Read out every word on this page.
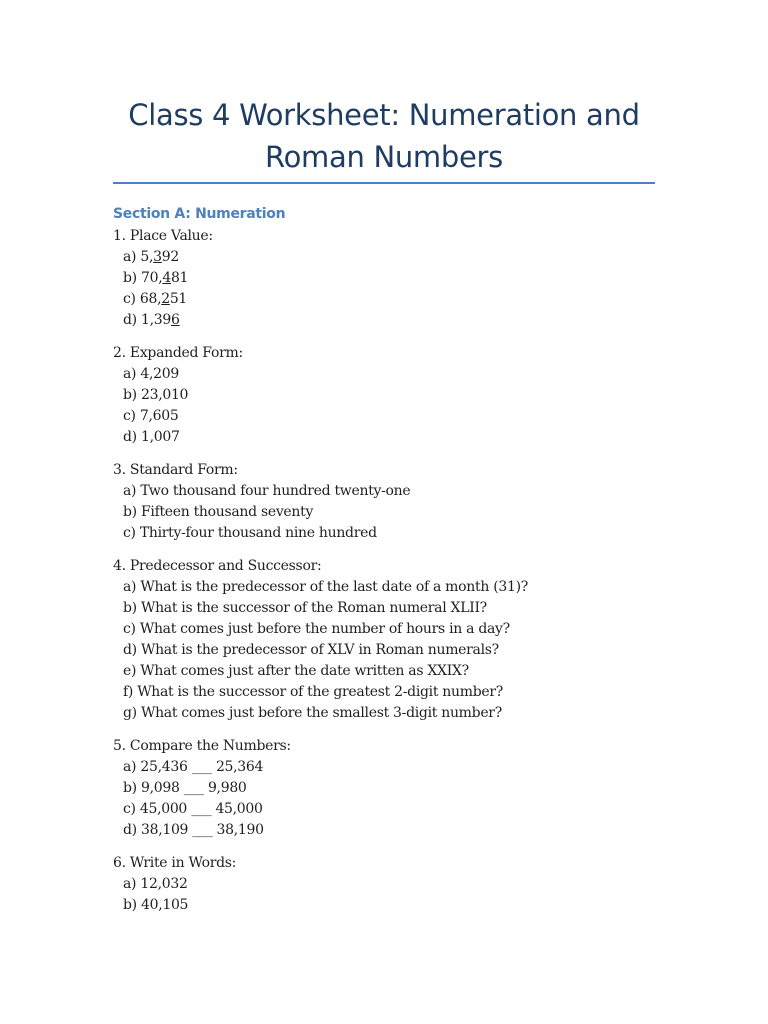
Class 4 Worksheet: Numeration and
Roman Numbers
Section A: Numeration
1. Place Value:
a) 5,392
b) 70,481
c) 68,251
d) 1,396
2. Expanded Form:
a) 4,209
b) 23,010
c) 7,605
d) 1,007
3. Standard Form:
a) Two thousand four hundred twenty-one
b) Fifteen thousand seventy
c) Thirty-four thousand nine hundred
4. Predecessor and Successor:
a) What is the predecessor of the last date of a month (31)?
b) What is the successor of the Roman numeral XLII?
c) What comes just before the number of hours in a day?
d) What is the predecessor of XLV in Roman numerals?
e) What comes just after the date written as XXIX?
f) What is the successor of the greatest 2-digit number?
g) What comes just before the smallest 3-digit number?
5. Compare the Numbers:
a) 25,436 ___ 25,364
b) 9,098 ___ 9,980
c) 45,000 ___ 45,000
d) 38,109 ___ 38,190
6. Write in Words:
a) 12,032
b) 40,105
